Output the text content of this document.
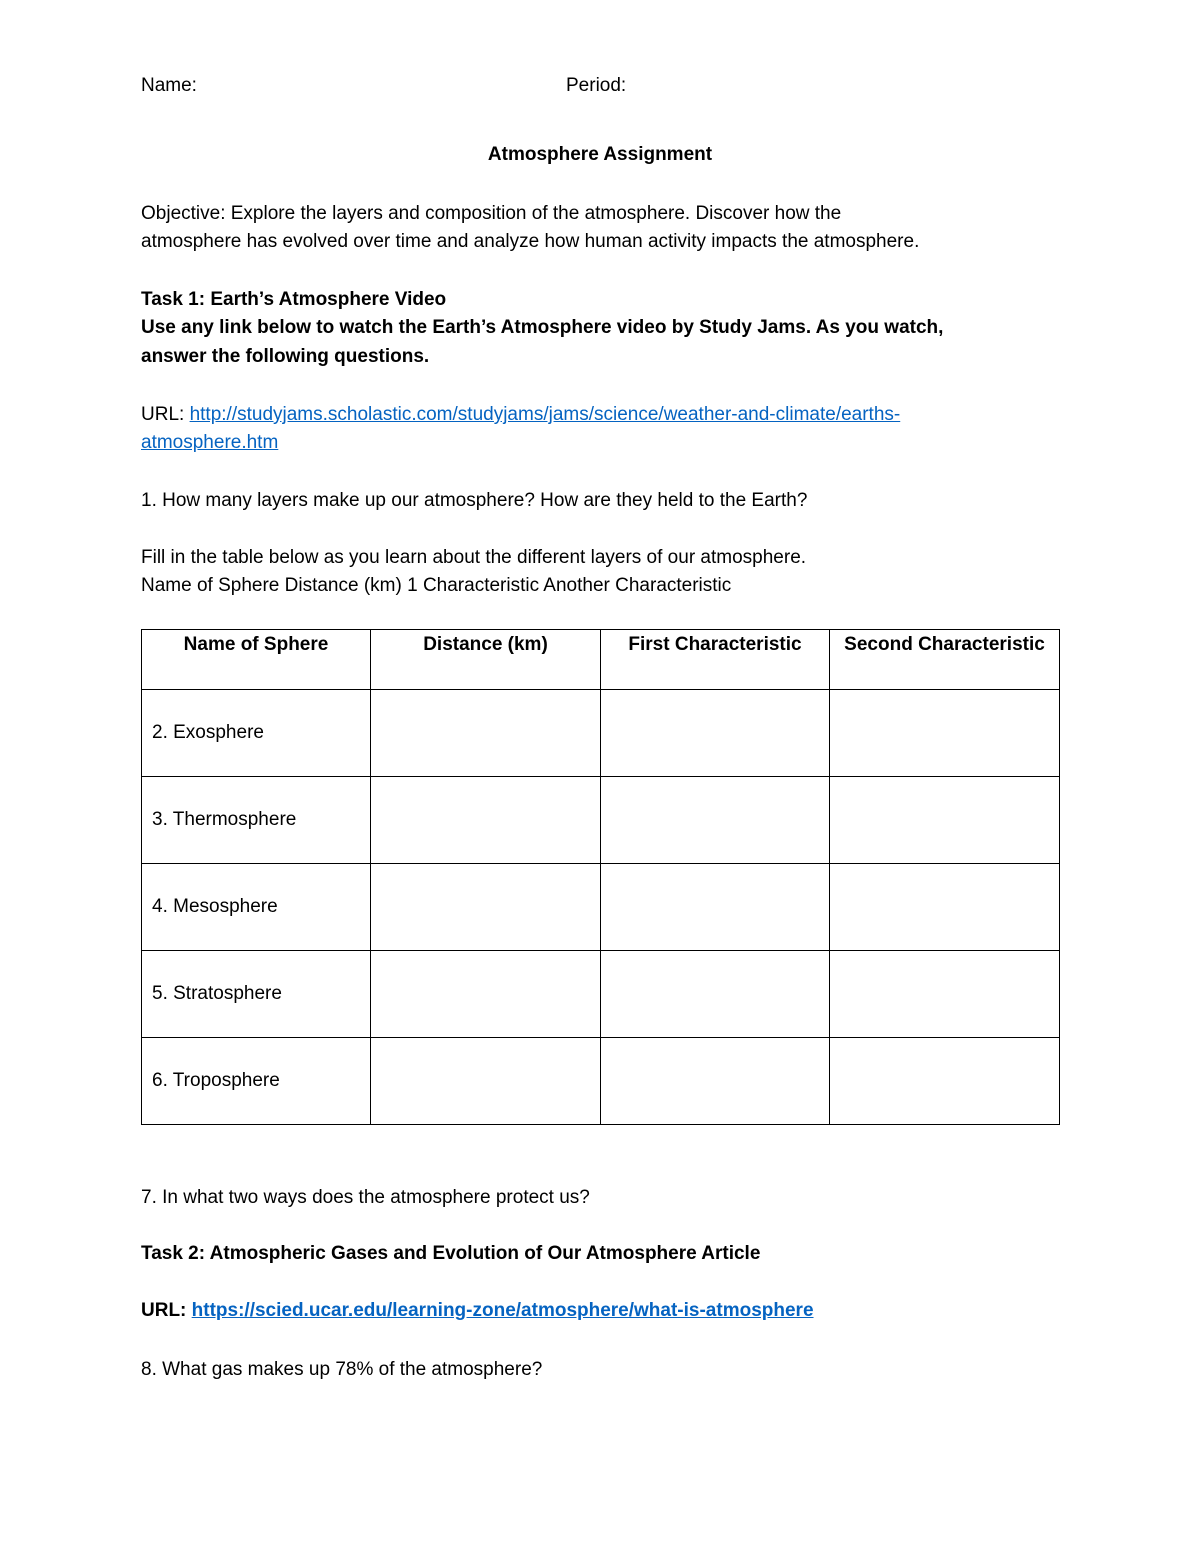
Name:	Period:
Atmosphere Assignment
Objective: Explore the layers and composition of the atmosphere. Discover how the
atmosphere has evolved over time and analyze how human activity impacts the atmosphere.
Task 1: Earth’s Atmosphere Video
Use any link below to watch the Earth’s Atmosphere video by Study Jams. As you watch,
answer the following questions.
URL: http://studyjams.scholastic.com/studyjams/jams/science/weather-and-climate/earths-
atmosphere.htm
1. How many layers make up our atmosphere? How are they held to the Earth?
Fill in the table below as you learn about the different layers of our atmosphere.
Name of Sphere Distance (km) 1 Characteristic Another Characteristic
Name of Sphere	Distance (km)	First Characteristic	Second Characteristic
2. Exosphere			
3. Thermosphere			
4. Mesosphere			
5. Stratosphere			
6. Troposphere			
7. In what two ways does the atmosphere protect us?
Task 2: Atmospheric Gases and Evolution of Our Atmosphere Article
URL: https://scied.ucar.edu/learning-zone/atmosphere/what-is-atmosphere
8. What gas makes up 78% of the atmosphere?
